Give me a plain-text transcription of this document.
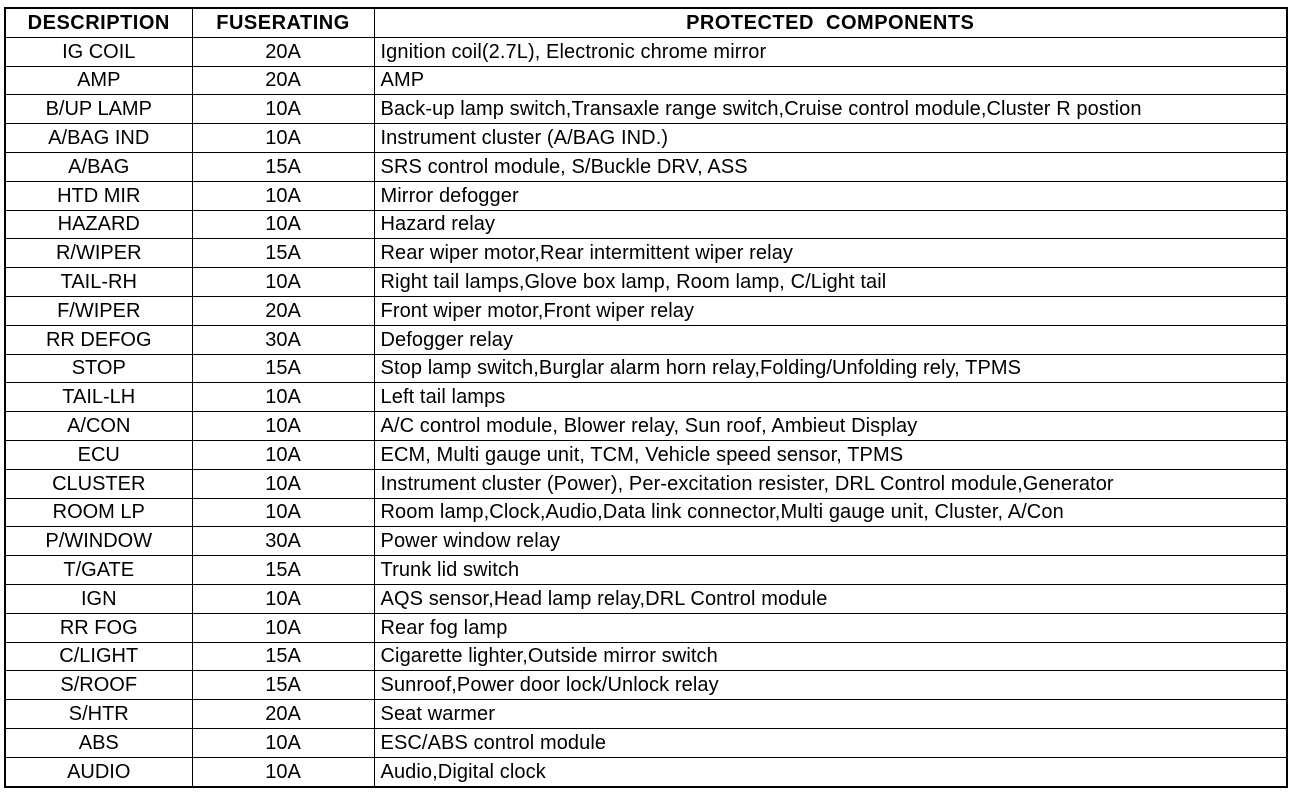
DESCRIPTION	FUSERATING	PROTECTED  COMPONENTS
IG COIL	20A	Ignition coil(2.7L), Electronic chrome mirror
AMP	20A	AMP
B/UP LAMP	10A	Back-up lamp switch,Transaxle range switch,Cruise control module,Cluster R postion
A/BAG IND	10A	Instrument cluster (A/BAG IND.)
A/BAG	15A	SRS control module, S/Buckle DRV, ASS
HTD MIR	10A	Mirror defogger
HAZARD	10A	Hazard relay
R/WIPER	15A	Rear wiper motor,Rear intermittent wiper relay
TAIL-RH	10A	Right tail lamps,Glove box lamp, Room lamp, C/Light tail
F/WIPER	20A	Front wiper motor,Front wiper relay
RR DEFOG	30A	Defogger relay
STOP	15A	Stop lamp switch,Burglar alarm horn relay,Folding/Unfolding rely, TPMS
TAIL-LH	10A	Left tail lamps
A/CON	10A	A/C control module, Blower relay, Sun roof, Ambieut Display
ECU	10A	ECM, Multi gauge unit, TCM, Vehicle speed sensor, TPMS
CLUSTER	10A	Instrument cluster (Power), Per-excitation resister, DRL Control module,Generator
ROOM LP	10A	Room lamp,Clock,Audio,Data link connector,Multi gauge unit, Cluster, A/Con
P/WINDOW	30A	Power window relay
T/GATE	15A	Trunk lid switch
IGN	10A	AQS sensor,Head lamp relay,DRL Control module
RR FOG	10A	Rear fog lamp
C/LIGHT	15A	Cigarette lighter,Outside mirror switch
S/ROOF	15A	Sunroof,Power door lock/Unlock relay
S/HTR	20A	Seat warmer
ABS	10A	ESC/ABS control module
AUDIO	10A	Audio,Digital clock
